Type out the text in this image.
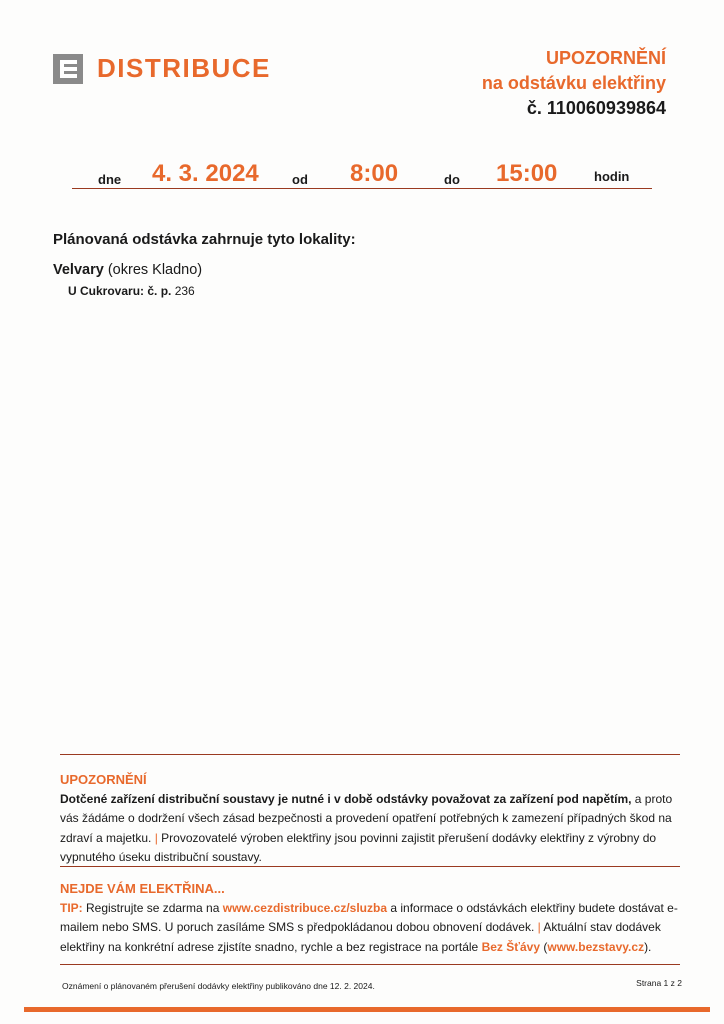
DISTRIBUCE	UPOZORNĚNÍ
na odstávku elektřiny
č. 110060939864
dne 4. 3. 2024	od 8:00	do 15:00	hodin
Plánovaná odstávka zahrnuje tyto lokality:
Velvary (okres Kladno)
U Cukrovaru: č. p. 236
UPOZORNĚNÍ
Dotčené zařízení distribuční soustavy je nutné i v době odstávky považovat za zařízení pod napětím, a proto vás žádáme o dodržení všech zásad bezpečnosti a provedení opatření potřebných k zamezení případných škod na zdraví a majetku. | Provozovatelé výroben elektřiny jsou povinni zajistit přerušení dodávky elektřiny z výrobny do vypnutého úseku distribuční soustavy.
NEJDE VÁM ELEKTŘINA...
TIP: Registrujte se zdarma na www.cezdistribuce.cz/sluzba a informace o odstávkách elektřiny budete dostávat e-mailem nebo SMS. U poruch zasíláme SMS s předpokládanou dobou obnovení dodávek. | Aktuální stav dodávek elektřiny na konkrétní adrese zjistíte snadno, rychle a bez registrace na portále Bez Šťávy (www.bezstavy.cz).
Oznámení o plánovaném přerušení dodávky elektřiny publikováno dne 12. 2. 2024.	Strana 1 z 2
